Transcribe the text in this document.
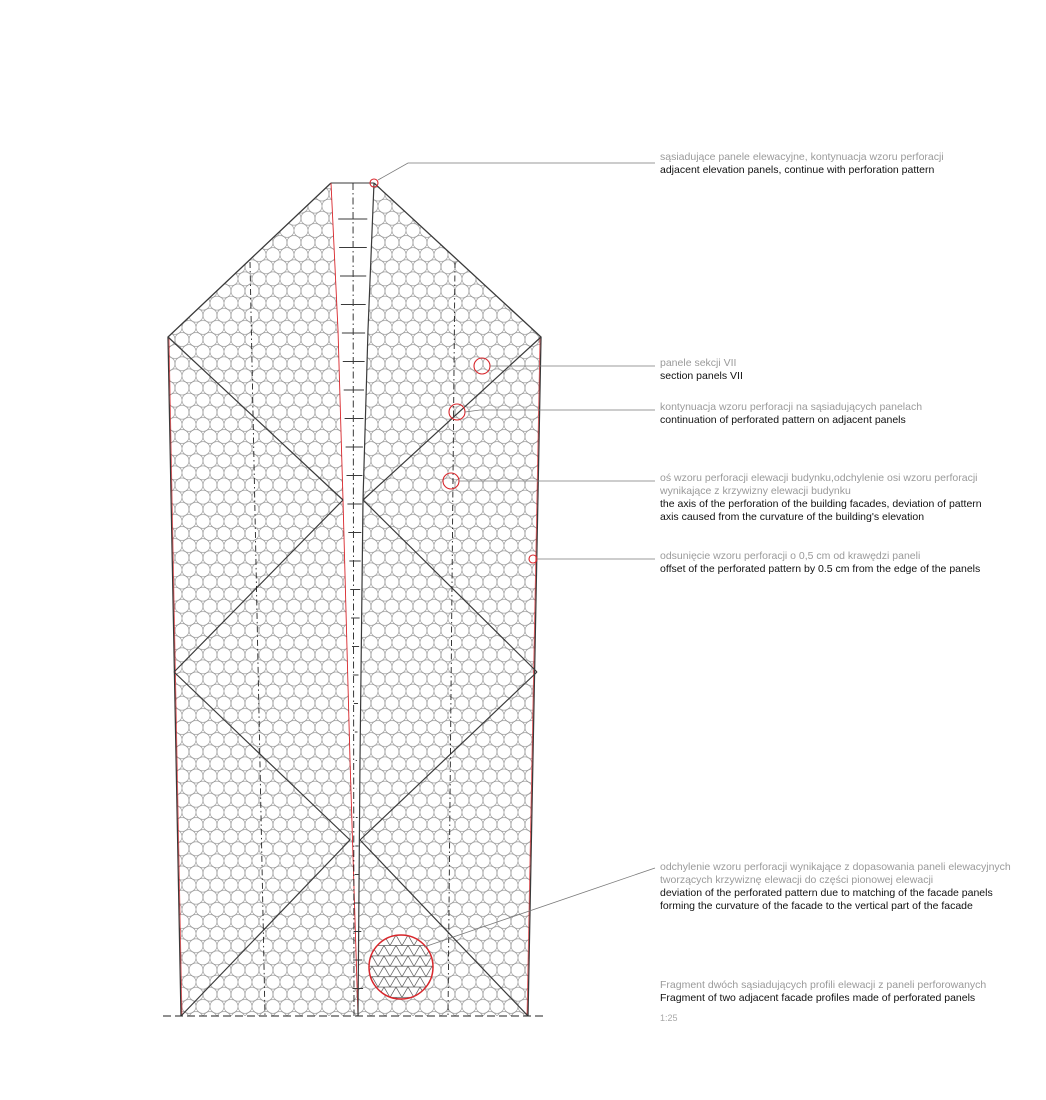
sąsiadujące panele elewacyjne, kontynuacja wzoru perforacji
adjacent elevation panels, continue with perforation pattern
panele sekcji VII
section panels VII
kontynuacja wzoru perforacji na sąsiadujących panelach
continuation of perforated pattern on adjacent panels
oś wzoru perforacji elewacji budynku,odchylenie osi wzoru perforacji
wynikające z krzywizny elewacji budynku
the axis of the perforation of the building facades, deviation of pattern
axis caused from the curvature of the building's elevation
odsunięcie wzoru perforacji o 0,5 cm od krawędzi paneli
offset of the perforated pattern by 0.5 cm from the edge of the panels
odchylenie wzoru perforacji wynikające z dopasowania paneli elewacyjnych
tworzących krzywiznę elewacji do części pionowej elewacji
deviation of the perforated pattern due to matching of the facade panels
forming the curvature of the facade to the vertical part of the facade
Fragment dwóch sąsiadujących profili elewacji z paneli perforowanych
Fragment of two adjacent facade profiles made of perforated panels
1:25
